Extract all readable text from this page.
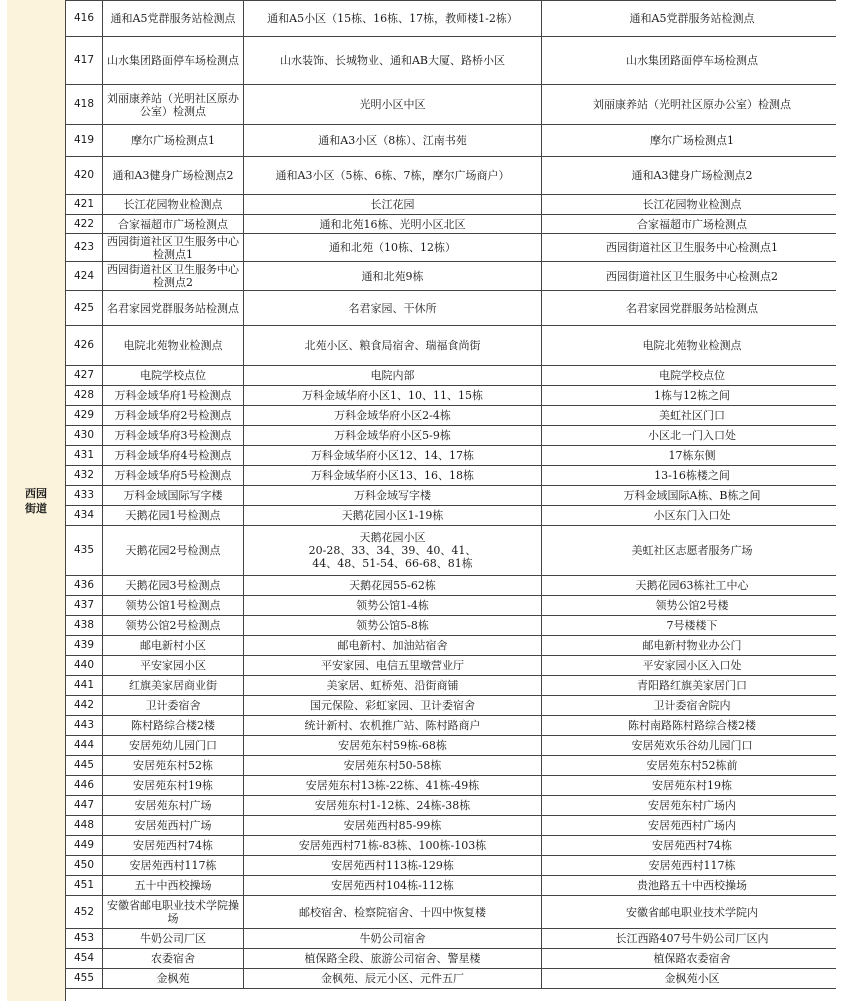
西园街道
416	通和A5党群服务站检测点	通和A5小区（15栋、16栋、17栋，教师楼1-2栋）	通和A5党群服务站检测点
417	山水集团路面停车场检测点	山水装饰、长城物业、通和AB大厦、路桥小区	山水集团路面停车场检测点
418	刘丽康养站（光明社区原办公室）检测点	光明小区中区	刘丽康养站（光明社区原办公室）检测点
419	摩尔广场检测点1	通和A3小区（8栋）、江南书苑	摩尔广场检测点1
420	通和A3健身广场检测点2	通和A3小区（5栋、6栋、7栋，摩尔广场商户）	通和A3健身广场检测点2
421	长江花园物业检测点	长江花园	长江花园物业检测点
422	合家福超市广场检测点	通和北苑16栋、光明小区北区	合家福超市广场检测点
423	西园街道社区卫生服务中心检测点1	通和北苑（10栋、12栋）	西园街道社区卫生服务中心检测点1
424	西园街道社区卫生服务中心检测点2	通和北苑9栋	西园街道社区卫生服务中心检测点2
425	名君家园党群服务站检测点	名君家园、干休所	名君家园党群服务站检测点
426	电院北苑物业检测点	北苑小区、粮食局宿舍、瑞福食尚街	电院北苑物业检测点
427	电院学校点位	电院内部	电院学校点位
428	万科金域华府1号检测点	万科金域华府小区1、10、11、15栋	1栋与12栋之间
429	万科金域华府2号检测点	万科金域华府小区2-4栋	美虹社区门口
430	万科金域华府3号检测点	万科金域华府小区5-9栋	小区北一门入口处
431	万科金域华府4号检测点	万科金域华府小区12、14、17栋	17栋东侧
432	万科金域华府5号检测点	万科金域华府小区13、16、18栋	13-16栋楼之间
433	万科金域国际写字楼	万科金域写字楼	万科金域国际A栋、B栋之间
434	天鹅花园1号检测点	天鹅花园小区1-19栋	小区东门入口处
435	天鹅花园2号检测点	天鹅花园小区
20-28、33、34、39、40、41、
44、48、51-54、66-68、81栋	美虹社区志愿者服务广场
436	天鹅花园3号检测点	天鹅花园55-62栋	天鹅花园63栋社工中心
437	领势公馆1号检测点	领势公馆1-4栋	领势公馆2号楼
438	领势公馆2号检测点	领势公馆5-8栋	7号楼楼下
439	邮电新村小区	邮电新村、加油站宿舍	邮电新村物业办公门
440	平安家园小区	平安家园、电信五里墩营业厅	平安家园小区入口处
441	红旗美家居商业街	美家居、虹桥苑、沿街商铺	青阳路红旗美家居门口
442	卫计委宿舍	国元保险、彩虹家园、卫计委宿舍	卫计委宿舍院内
443	陈村路综合楼2楼	统计新村、农机推广站、陈村路商户	陈村南路陈村路综合楼2楼
444	安居苑幼儿园门口	安居苑东村59栋-68栋	安居苑欢乐谷幼儿园门口
445	安居苑东村52栋	安居苑东村50-58栋	安居苑东村52栋前
446	安居苑东村19栋	安居苑东村13栋-22栋、41栋-49栋	安居苑东村19栋
447	安居苑东村广场	安居苑东村1-12栋、24栋-38栋	安居苑东村广场内
448	安居苑西村广场	安居苑西村85-99栋	安居苑西村广场内
449	安居苑西村74栋	安居苑西村71栋-83栋、100栋-103栋	安居苑西村74栋
450	安居苑西村117栋	安居苑西村113栋-129栋	安居苑西村117栋
451	五十中西校操场	安居苑西村104栋-112栋	贵池路五十中西校操场
452	安徽省邮电职业技术学院操场	邮校宿舍、检察院宿舍、十四中恢复楼	安徽省邮电职业技术学院内
453	牛奶公司厂区	牛奶公司宿舍	长江西路407号牛奶公司厂区内
454	农委宿舍	植保路全段、旅游公司宿舍、警星楼	植保路农委宿舍
455	金枫苑	金枫苑、辰元小区、元件五厂	金枫苑小区
